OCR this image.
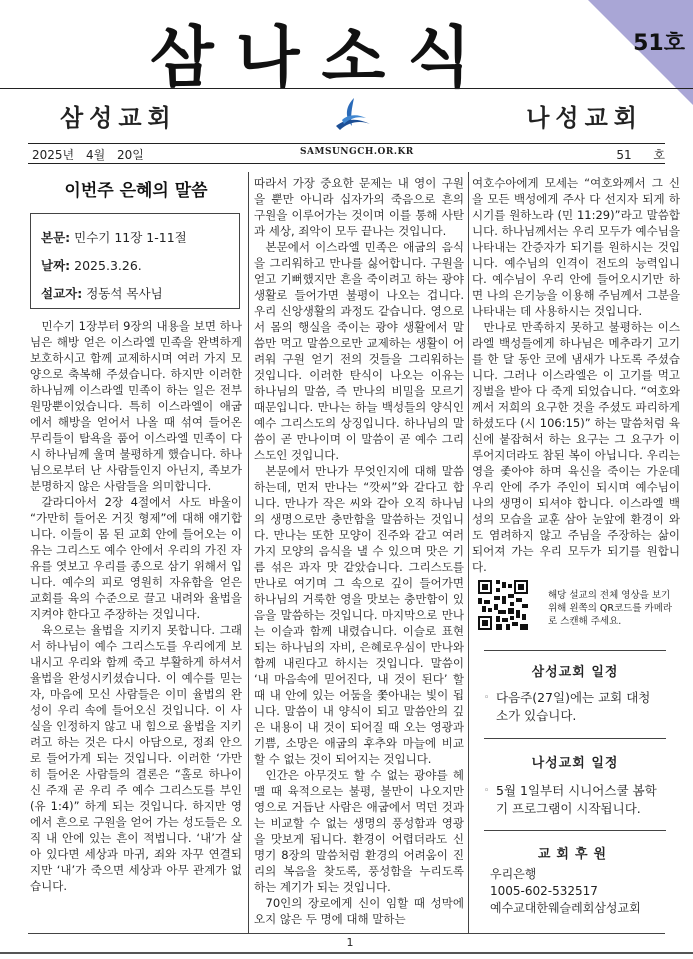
51호
삼나소식
삼성교회	나성교회
2025년 4월 20일	SAMSUNGCH.OR.KR	51 호
이번주 은혜의 말씀
본문: 민수기 11장 1-11절
날짜: 2025.3.26.
설교자: 정동석 목사님

민수기 1장부터 9장의 내용을 보면 하나님은 해방 얻은 이스라엘 민족을 완벽하게 보호하시고 함께 교제하시며 여러 가지 모양으로 축복해 주셨습니다. 하지만 이러한 하나님께 이스라엘 민족이 하는 일은 전부 원망뿐이었습니다. 특히 이스라엘이 애굽에서 해방을 얻어서 나올 때 섞여 들어온 무리들이 탐욕을 품어 이스라엘 민족이 다시 하나님께 울며 불평하게 했습니다. 하나님으로부터 난 사람들인지 아닌지, 족보가 분명하지 않은 사람들을 의미합니다.

갈라디아서 2장 4절에서 사도 바울이 “가만히 들어온 거짓 형제”에 대해 얘기합니다. 이들이 몸 된 교회 안에 들어오는 이유는 그리스도 예수 안에서 우리의 가진 자유를 엿보고 우리를 종으로 삼기 위해서 입니다. 예수의 피로 영원히 자유함을 얻은 교회를 육의 수준으로 끌고 내려와 율법을 지켜야 한다고 주장하는 것입니다.

육으로는 율법을 지키지 못합니다. 그래서 하나님이 예수 그리스도를 우리에게 보내시고 우리와 함께 죽고 부활하게 하셔서 율법을 완성시키셨습니다. 이 예수를 믿는 자, 마음에 모신 사람들은 이미 율법의 완성이 우리 속에 들어오신 것입니다. 이 사실을 인정하지 않고 내 힘으로 율법을 지키려고 하는 것은 다시 아담으로, 정죄 안으로 들어가게 되는 것입니다. 이러한 ‘가만히 들어온 사람들의 결론은 “홀로 하나이신 주재 곧 우리 주 예수 그리스도를 부인 (유 1:4)” 하게 되는 것입니다. 하지만 영에서 흔으로 구원을 얻어 가는 성도들은 오직 내 안에 있는 흔이 적법니다. ‘내’가 살아 있다면 세상과 마귀, 죄와 자꾸 연결되지만 ‘내’가 죽으면 세상과 아무 관계가 없습니다.

따라서 가장 중요한 문제는 내 영이 구원을 뿐만 아니라 십자가의 죽음으로 흔의 구원을 이루어가는 것이며 이를 통해 사탄과 세상, 죄악이 모두 끝나는 것입니다.

본문에서 이스라엘 민족은 애굽의 음식을 그리워하고 만나를 싫어합니다. 구원을 얻고 기뻐했지만 흔을 죽이려고 하는 광야 생활로 들어가면 불평이 나오는 겁니다. 우리 신앙생활의 과정도 같습니다. 영으로서 몸의 행실을 죽이는 광야 생활에서 말씀만 먹고 말씀으로만 교제하는 생활이 어려워 구원 얻기 전의 것들을 그리워하는 것입니다. 이러한 탄식이 나오는 이유는 하나님의 말씀, 즉 만나의 비밀을 모르기 때문입니다. 만나는 하늘 백성들의 양식인 예수 그리스도의 상징입니다. 하나님의 말씀이 곧 만나이며 이 말씀이 곧 예수 그리스도인 것입니다.

본문에서 만나가 무엇인지에 대해 말씀하는데, 먼저 만나는 “깟씨”와 같다고 합니다. 만나가 작은 씨와 같아 오직 하나님의 생명으로만 충만함을 말씀하는 것입니다. 만나는 또한 모양이 진주와 같고 여러 가지 모양의 음식을 낼 수 있으며 맛은 기름 섞은 과자 맛 같았습니다. 그리스도를 만나로 여기며 그 속으로 깊이 들어가면 하나님의 거룩한 영을 맛보는 충만함이 있음을 말씀하는 것입니다. 마지막으로 만나는 이슬과 함께 내렸습니다. 이슬로 표현되는 하나님의 자비, 은혜로우심이 만나와 함께 내린다고 하시는 것입니다. 말씀이 ‘내 마음속에 믿어진다, 내 것이 된다’ 할 때 내 안에 있는 어둠을 쫓아내는 빛이 됩니다. 말씀이 내 양식이 되고 말씀안의 깊은 내용이 내 것이 되어질 때 오는 영광과 기쁨, 소망은 애굽의 후추와 마늘에 비교할 수 없는 것이 되어지는 것입니다.

인간은 아무것도 할 수 없는 광야를 헤맬 때 육적으로는 불평, 불만이 나오지만 영으로 거듭난 사람은 애굽에서 먹던 것과는 비교할 수 없는 생명의 풍성함과 영광을 맛보게 됩니다. 환경이 어렵더라도 신명기 8장의 말씀처럼 환경의 어려움이 진리의 복음을 찾도록, 풍성함을 누리도록 하는 계기가 되는 것입니다.

70인의 장로에게 신이 임할 때 성막에 오지 않은 두 명에 대해 말하는

여호수아에게 모세는 “여호와께서 그 신을 모든 백성에게 주사 다 선지자 되게 하시기를 원하노라 (민 11:29)”라고 말씀합니다. 하나님께서는 우리 모두가 예수님을 나타내는 간증자가 되기를 원하시는 것입니다. 예수님의 인격이 전도의 능력입니다. 예수님이 우리 안에 들어오시기만 하면 나의 은기능을 이용해 주님께서 그분을 나타내는 데 사용하시는 것입니다.

만나로 만족하지 못하고 불평하는 이스라엘 백성들에게 하나님은 메추라기 고기를 한 달 동안 코에 냄새가 나도록 주셨습니다. 그러나 이스라엘은 이 고기를 먹고 징벌을 받아 다 죽게 되었습니다. “여호와께서 저희의 요구한 것을 주셨도 파리하게 하셨도다 (시 106:15)” 하는 말씀처럼 육신에 붙잡혀서 하는 요구는 그 요구가 이루어지더라도 참된 복이 아닙니다. 우리는 영을 좇아야 하며 육신을 죽이는 가운데 우리 안에 주가 주인이 되시며 예수님이 나의 생명이 되셔야 합니다. 이스라엘 백성의 모습을 교훈 삼아 눈앞에 환경이 와도 염려하지 않고 주님을 주장하는 삶이 되어져 가는 우리 모두가 되기를 원합니다.

해당 설교의 전체 영상을 보기 위해 왼쪽의 QR코드를 카메라로 스캔해 주세요.
삼성교회 일정
◦ 다음주(27일)에는 교회 대청소가 있습니다.
나성교회 일정
◦ 5월 1일부터 시니어스쿨 봄학기 프로그램이 시작됩니다.
교회후원
우리은행
1005-602-532517
예수교대한웨슬레회삼성교회
1
